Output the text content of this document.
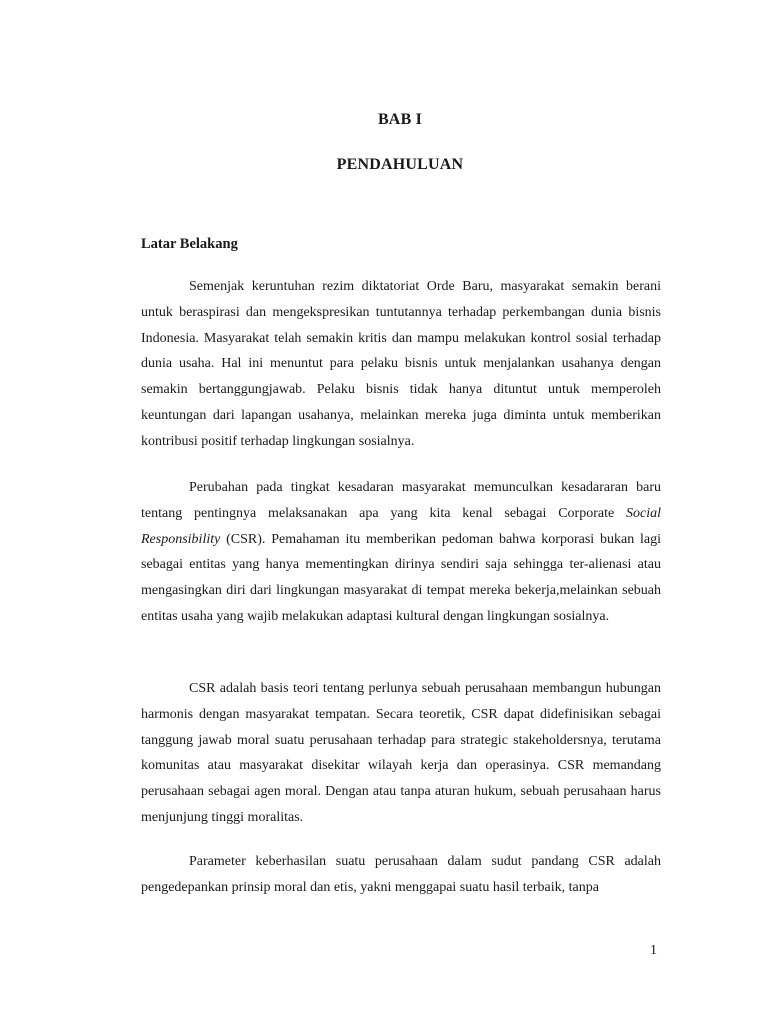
BAB I
PENDAHULUAN
Latar Belakang

Semenjak keruntuhan rezim diktatoriat Orde Baru, masyarakat semakin berani untuk beraspirasi dan mengekspresikan tuntutannya terhadap perkembangan dunia bisnis Indonesia. Masyarakat telah semakin kritis dan mampu melakukan kontrol sosial terhadap dunia usaha. Hal ini menuntut para pelaku bisnis untuk menjalankan usahanya dengan semakin bertanggungjawab. Pelaku bisnis tidak hanya dituntut untuk memperoleh keuntungan dari lapangan usahanya, melainkan mereka juga diminta untuk memberikan kontribusi positif terhadap lingkungan sosialnya.

Perubahan pada tingkat kesadaran masyarakat memunculkan kesadararan baru tentang pentingnya melaksanakan apa yang kita kenal sebagai Corporate Social Responsibility (CSR). Pemahaman itu memberikan pedoman bahwa korporasi bukan lagi sebagai entitas yang hanya mementingkan dirinya sendiri saja sehingga ter-alienasi atau mengasingkan diri dari lingkungan masyarakat di tempat mereka bekerja,melainkan sebuah entitas usaha yang wajib melakukan adaptasi kultural dengan lingkungan sosialnya.

CSR adalah basis teori tentang perlunya sebuah perusahaan membangun hubungan harmonis dengan masyarakat tempatan. Secara teoretik, CSR dapat didefinisikan sebagai tanggung jawab moral suatu perusahaan terhadap para strategic stakeholdersnya, terutama komunitas atau masyarakat disekitar wilayah kerja dan operasinya. CSR memandang perusahaan sebagai agen moral. Dengan atau tanpa aturan hukum, sebuah perusahaan harus menjunjung tinggi moralitas.

Parameter keberhasilan suatu perusahaan dalam sudut pandang CSR adalah pengedepankan prinsip moral dan etis, yakni menggapai suatu hasil terbaik, tanpa

1
